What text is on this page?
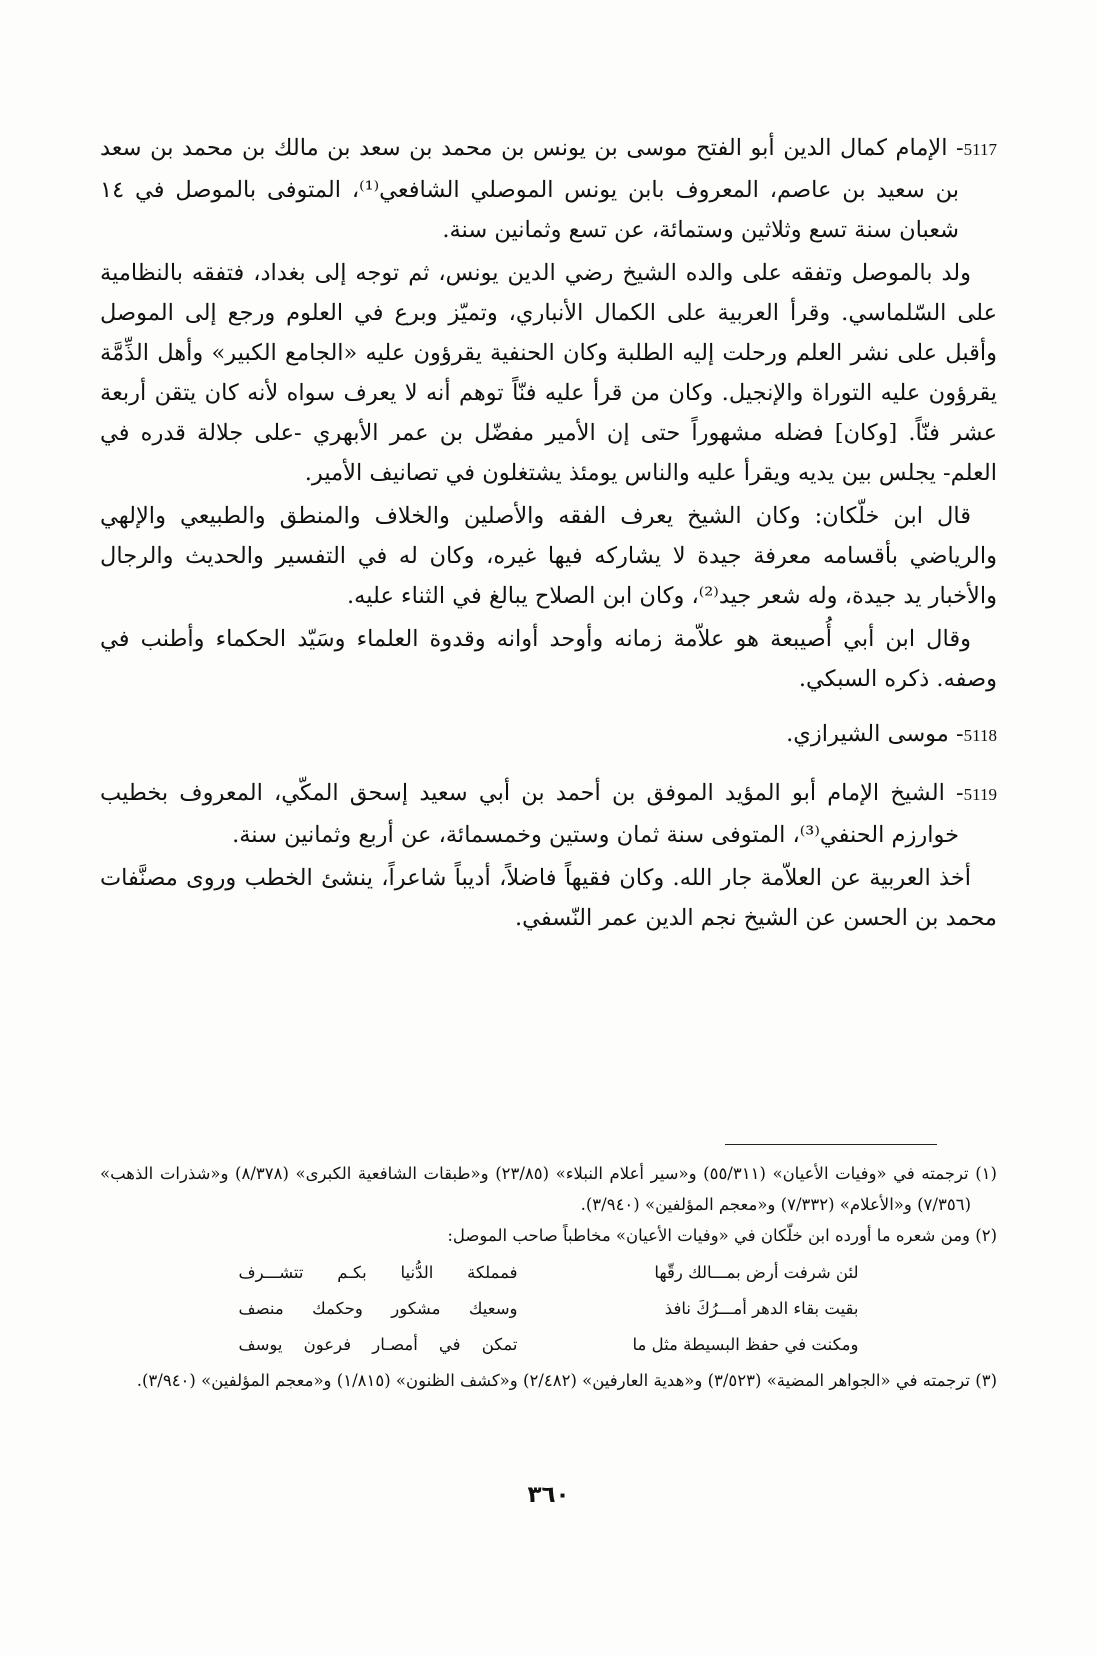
5117- الإمام كمال الدين أبو الفتح موسى بن يونس بن محمد بن سعد بن مالك بن محمد بن سعد بن سعيد بن عاصم، المعروف بابن يونس الموصلي الشافعي⁽¹⁾، المتوفى بالموصل في ١٤ شعبان سنة تسع وثلاثين وستمائة، عن تسع وثمانين سنة.

ولد بالموصل وتفقه على والده الشيخ رضي الدين يونس، ثم توجه إلى بغداد، فتفقه بالنظامية على السّلماسي. وقرأ العربية على الكمال الأنباري، وتميّز وبرع في العلوم ورجع إلى الموصل وأقبل على نشر العلم ورحلت إليه الطلبة وكان الحنفية يقرؤون عليه «الجامع الكبير» وأهل الذِّمَّة يقرؤون عليه التوراة والإنجيل. وكان من قرأ عليه فنّاً توهم أنه لا يعرف سواه لأنه كان يتقن أربعة عشر فنّاً. [وكان] فضله مشهوراً حتى إن الأمير مفضّل بن عمر الأبهري -على جلالة قدره في العلم- يجلس بين يديه ويقرأ عليه والناس يومئذ يشتغلون في تصانيف الأمير.

قال ابن خلّكان: وكان الشيخ يعرف الفقه والأصلين والخلاف والمنطق والطبيعي والإلهي والرياضي بأقسامه معرفة جيدة لا يشاركه فيها غيره، وكان له في التفسير والحديث والرجال والأخبار يد جيدة، وله شعر جيد⁽²⁾، وكان ابن الصلاح يبالغ في الثناء عليه.

وقال ابن أبي أُصيبعة هو علاّمة زمانه وأوحد أوانه وقدوة العلماء وسَيّد الحكماء وأطنب في وصفه. ذكره السبكي.

5118- موسى الشيرازي.

5119- الشيخ الإمام أبو المؤيد الموفق بن أحمد بن أبي سعيد إسحق المكّي، المعروف بخطيب خوارزم الحنفي⁽³⁾، المتوفى سنة ثمان وستين وخمسمائة، عن أربع وثمانين سنة.

أخذ العربية عن العلاّمة جار الله. وكان فقيهاً فاضلاً، أديباً شاعراً، ينشئ الخطب وروى مصنَّفات محمد بن الحسن عن الشيخ نجم الدين عمر النّسفي.

(١) ترجمته في «وفيات الأعيان» (٥٥/٣١١) و«سير أعلام النبلاء» (٢٣/٨٥) و«طبقات الشافعية الكبرى» (٨/٣٧٨) و«شذرات الذهب» (٧/٣٥٦) و«الأعلام» (٧/٣٣٢) و«معجم المؤلفين» (٣/٩٤٠).

(٢) ومن شعره ما أورده ابن خلّكان في «وفيات الأعيان» مخاطباً صاحب الموصل:

لئن شرفت أرض بمـــالك رقّها
فمملكة الدُّنيا بكـم تتشـــرف
بقيت بقاء الدهر أمـــرُكَ نافذ
وسعيك مشكور وحكمك منصف
ومكنت في حفظ البسيطة مثل ما
تمكن في أمصـار فرعون يوسف

(٣) ترجمته في «الجواهر المضية» (٣/٥٢٣) و«هدية العارفين» (٢/٤٨٢) و«كشف الظنون» (١/٨١٥) و«معجم المؤلفين» (٣/٩٤٠).

٣٦٠
